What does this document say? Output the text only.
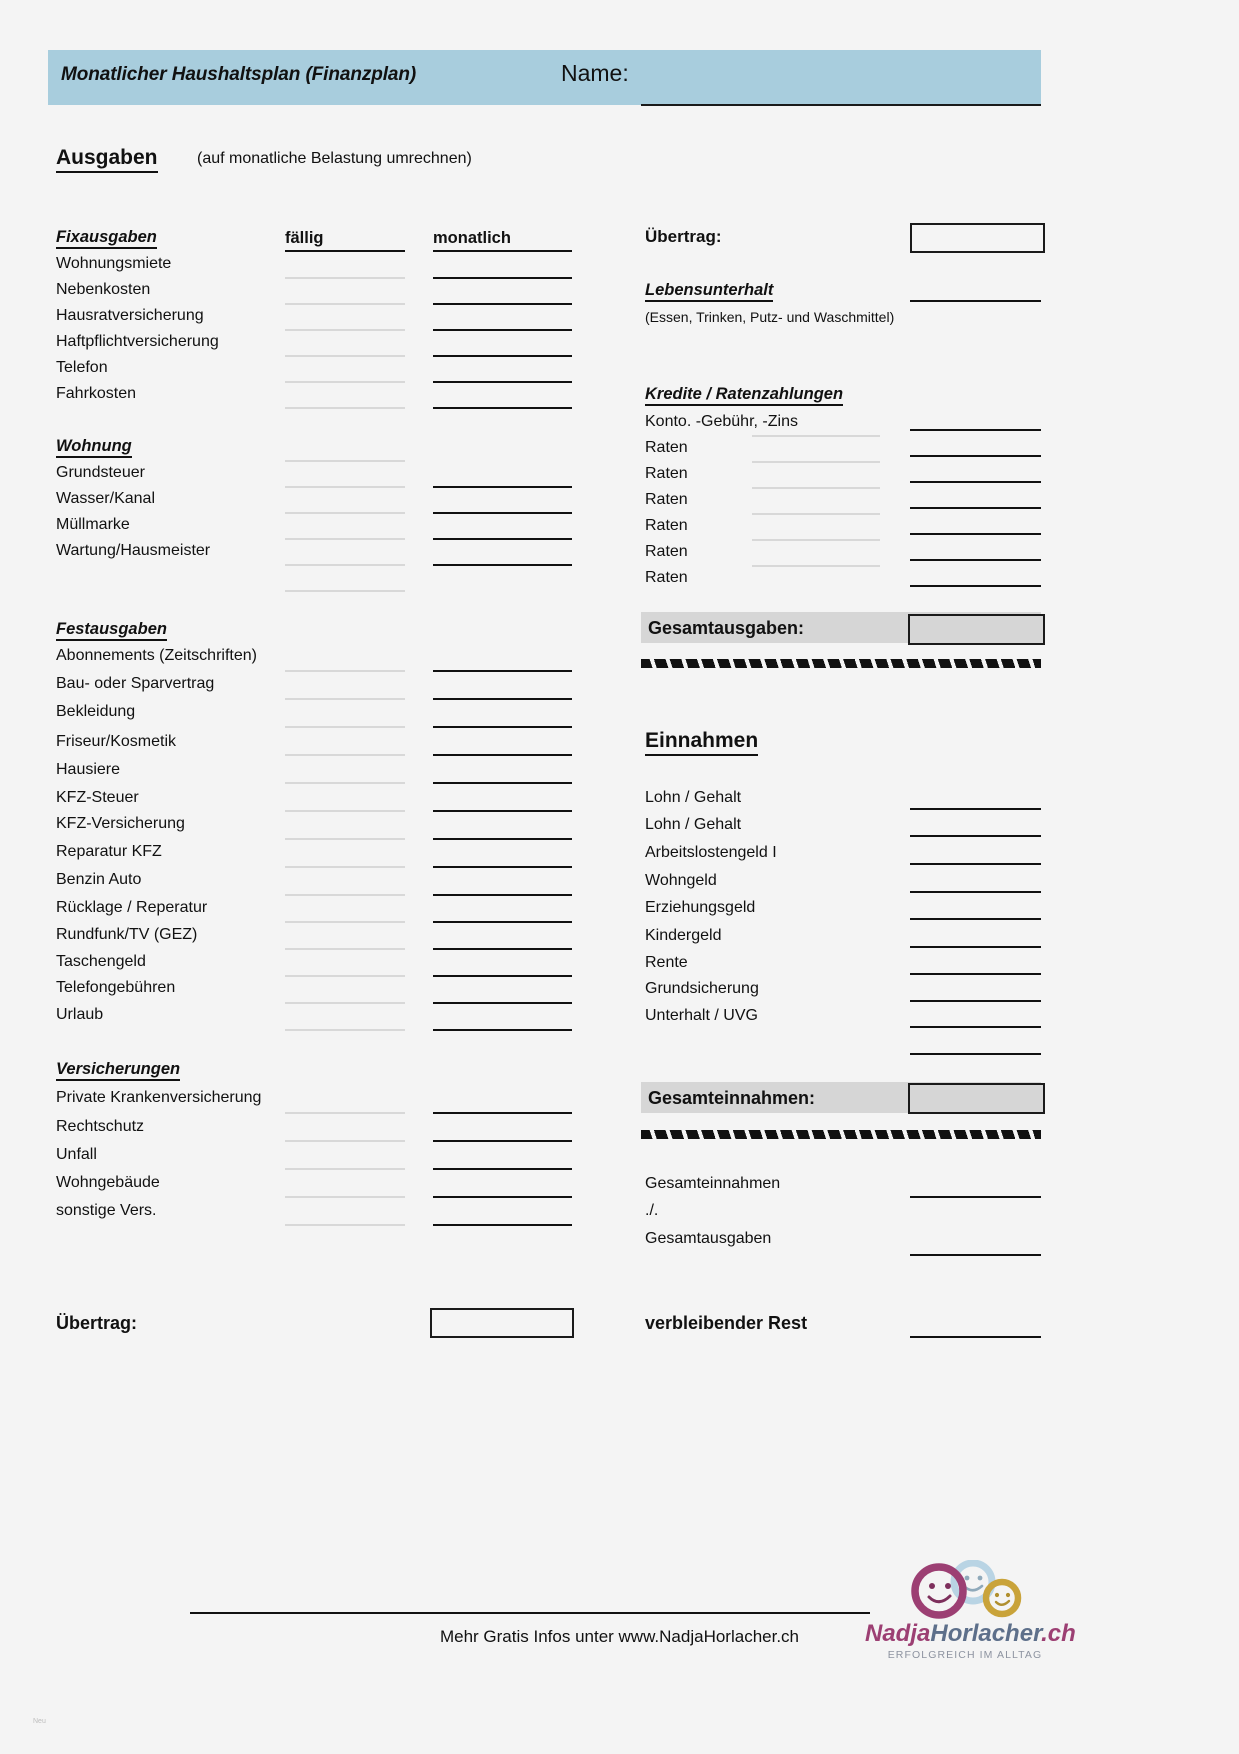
Monatlicher Haushaltsplan (Finanzplan)	Name:
Ausgaben (auf monatliche Belastung umrechnen)
Fixausgaben	fällig	monatlich
Wohnungsmiete
Nebenkosten
Hausratversicherung
Haftpflichtversicherung
Telefon
Fahrkosten
Wohnung
Grundsteuer
Wasser/Kanal
Müllmarke
Wartung/Hausmeister
Festausgaben
Abonnements (Zeitschriften)
Bau- oder Sparvertrag
Bekleidung
Friseur/Kosmetik
Hausiere
KFZ-Steuer
KFZ-Versicherung
Reparatur KFZ
Benzin Auto
Rücklage / Reperatur
Rundfunk/TV (GEZ)
Taschengeld
Telefongebühren
Urlaub
Versicherungen
Private Krankenversicherung
Rechtschutz
Unfall
Wohngebäude
sonstige Vers.
Übertrag:
Übertrag:
Lebensunterhalt
(Essen, Trinken, Putz- und Waschmittel)
Kredite / Ratenzahlungen
Konto. -Gebühr, -Zins
Raten
Raten
Raten
Raten
Raten
Raten
Gesamtausgaben:
Einnahmen
Lohn / Gehalt
Lohn / Gehalt
Arbeitslostengeld I
Wohngeld
Erziehungsgeld
Kindergeld
Rente
Grundsicherung
Unterhalt / UVG
Gesamteinnahmen:
Gesamteinnahmen
./.
Gesamtausgaben
verbleibender Rest
Mehr Gratis Infos unter www.NadjaHorlacher.ch
Neu
NadjaHorlacher.ch
ERFOLGREICH IM ALLTAG
